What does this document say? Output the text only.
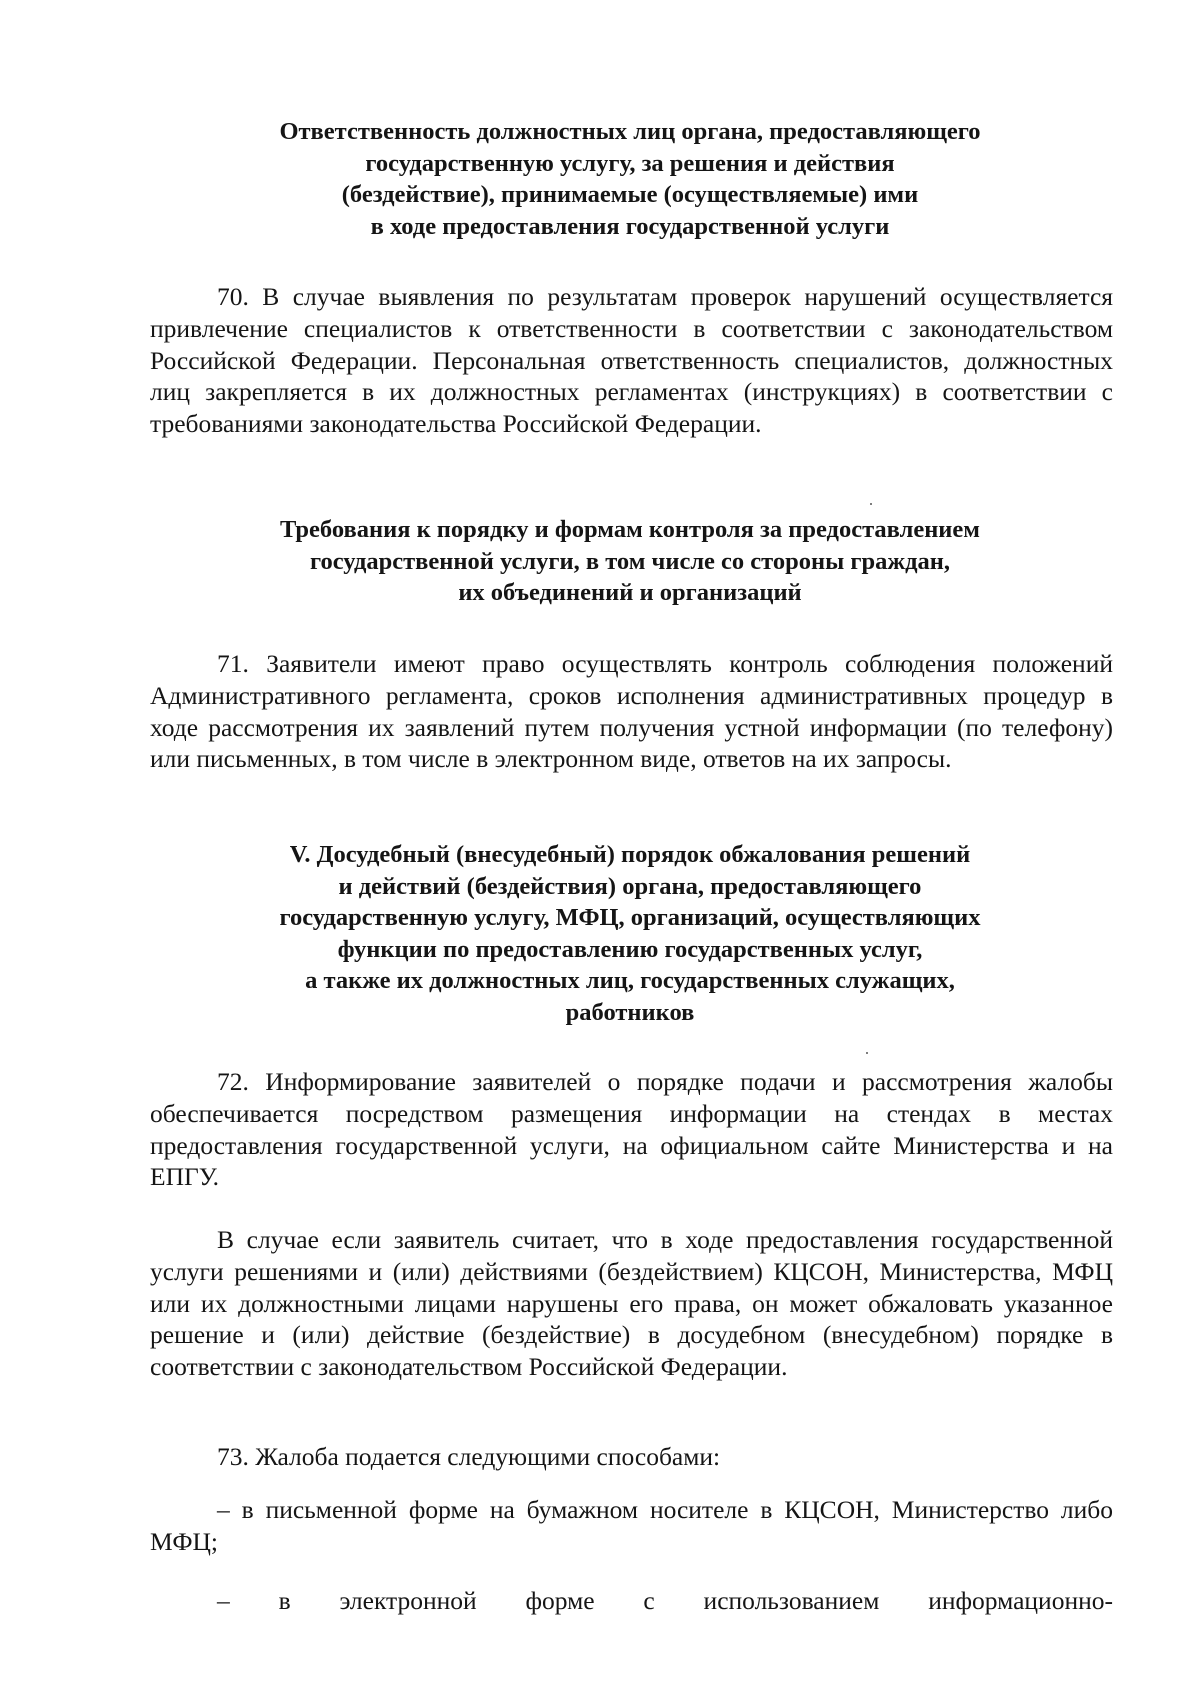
Ответственность должностных лиц органа, предоставляющего
государственную услугу, за решения и действия
(бездействие), принимаемые (осуществляемые) ими
в ходе предоставления государственной услуги

70. В случае выявления по результатам проверок нарушений осуществляется привлечение специалистов к ответственности в соответствии с законодательством Российской Федерации. Персональная ответственность специалистов, должностных лиц закрепляется в их должностных регламентах (инструкциях) в соответствии с требованиями законодательства Российской Федерации.

Требования к порядку и формам контроля за предоставлением
государственной услуги, в том числе со стороны граждан,
их объединений и организаций

71. Заявители имеют право осуществлять контроль соблюдения положений Административного регламента, сроков исполнения административных процедур в ходе рассмотрения их заявлений путем получения устной информации (по телефону) или письменных, в том числе в электронном виде, ответов на их запросы.

V. Досудебный (внесудебный) порядок обжалования решений
и действий (бездействия) органа, предоставляющего
государственную услугу, МФЦ, организаций, осуществляющих
функции по предоставлению государственных услуг,
а также их должностных лиц, государственных служащих,
работников

72. Информирование заявителей о порядке подачи и рассмотрения жалобы обеспечивается посредством размещения информации на стендах в местах предоставления государственной услуги, на официальном сайте Министерства и на ЕПГУ.

В случае если заявитель считает, что в ходе предоставления государственной услуги решениями и (или) действиями (бездействием) КЦСОН, Министерства, МФЦ или их должностными лицами нарушены его права, он может обжаловать указанное решение и (или) действие (бездействие) в досудебном (внесудебном) порядке в соответствии с законодательством Российской Федерации.

73. Жалоба подается следующими способами:

– в письменной форме на бумажном носителе в КЦСОН, Министерство либо МФЦ;

– в электронной форме с использованием информационно-
